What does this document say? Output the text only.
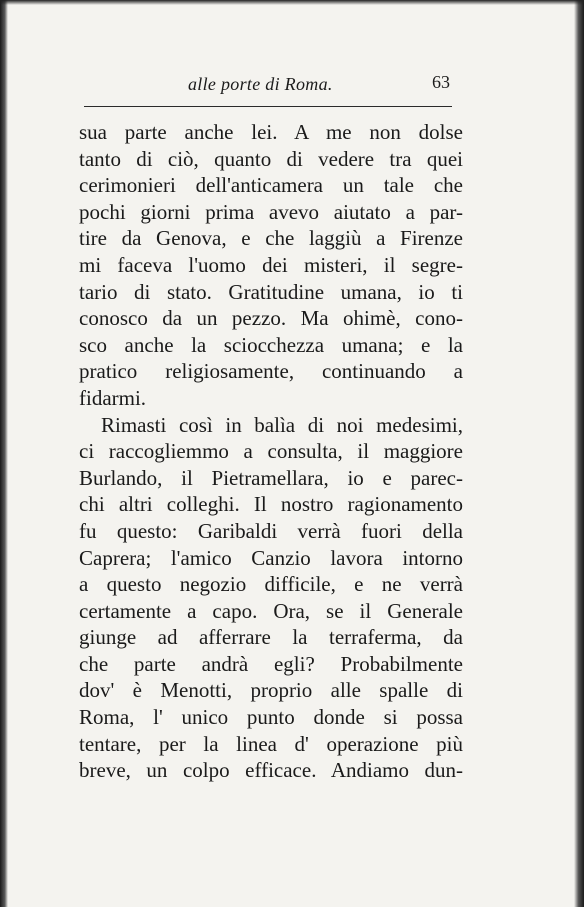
alle porte di Roma.	63
sua parte anche lei. A me non dolse
tanto di ciò, quanto di vedere tra quei
cerimonieri dell'anticamera un tale che
pochi giorni prima avevo aiutato a par-
tire da Genova, e che laggiù a Firenze
mi faceva l'uomo dei misteri, il segre-
tario di stato. Gratitudine umana, io ti
conosco da un pezzo. Ma ohimè, cono-
sco anche la sciocchezza umana; e la
pratico religiosamente, continuando a
fidarmi.
Rimasti così in balìa di noi medesimi,
ci raccogliemmo a consulta, il maggiore
Burlando, il Pietramellara, io e parec-
chi altri colleghi. Il nostro ragionamento
fu questo: Garibaldi verrà fuori della
Caprera; l'amico Canzio lavora intorno
a questo negozio difficile, e ne verrà
certamente a capo. Ora, se il Generale
giunge ad afferrare la terraferma, da
che parte andrà egli? Probabilmente
dov' è Menotti, proprio alle spalle di
Roma, l' unico punto donde si possa
tentare, per la linea d' operazione più
breve, un colpo efficace. Andiamo dun-
